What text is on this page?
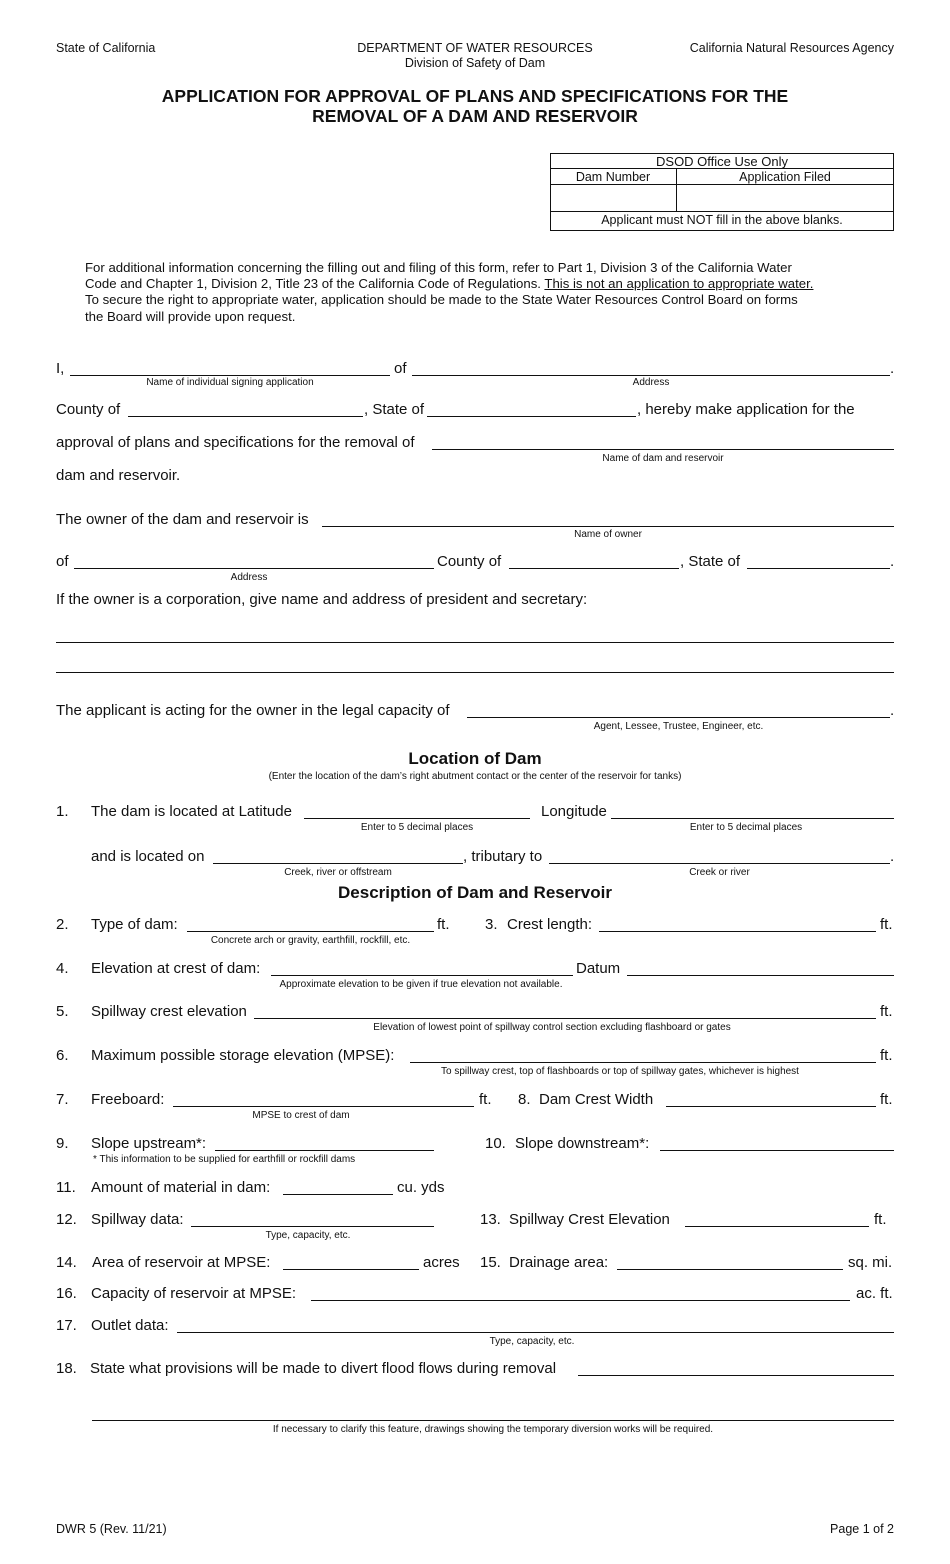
State of California	DEPARTMENT OF WATER RESOURCES
Division of Safety of Dam
California Natural Resources Agency
APPLICATION FOR APPROVAL OF PLANS AND SPECIFICATIONS FOR THE
REMOVAL OF A DAM AND RESERVOIR
DSOD Office Use Only
Dam Number	Application Filed
Applicant must NOT fill in the above blanks.
For additional information concerning the filling out and filing of this form, refer to Part 1, Division 3 of the California Water
Code and Chapter 1, Division 2, Title 23 of the California Code of Regulations. This is not an application to appropriate water.
To secure the right to appropriate water, application should be made to the State Water Resources Control Board on forms
the Board will provide upon request.
I,
Name of individual signing application
of	.
Address
County of	, State of	, hereby make application for the
approval of plans and specifications for the removal of
Name of dam and reservoir
dam and reservoir.
The owner of the dam and reservoir is
Name of owner
of
Address
County of	, State of	.
If the owner is a corporation, give name and address of president and secretary:
The applicant is acting for the owner in the legal capacity of	.
Agent, Lessee, Trustee, Engineer, etc.
Location of Dam
(Enter the location of the dam’s right abutment contact or the center of the reservoir for tanks)
1. The dam is located at Latitude
Enter to 5 decimal places
Longitude
Enter to 5 decimal places
and is located on
Creek, river or offstream
, tributary to	.
Creek or river
Description of Dam and Reservoir
2. Type of dam:
Concrete arch or gravity, earthfill, rockfill, etc.
ft. 3. Crest length:	ft.
4. Elevation at crest of dam:
Approximate elevation to be given if true elevation not available.
Datum
5. Spillway crest elevation
Elevation of lowest point of spillway control section excluding flashboard or gates
ft.
6. Maximum possible storage elevation (MPSE):
To spillway crest, top of flashboards or top of spillway gates, whichever is highest
ft.
7. Freeboard:
MPSE to crest of dam
ft. 8. Dam Crest Width	ft.
9. Slope upstream*:
* This information to be supplied for earthfill or rockfill dams
10. Slope downstream*:
11. Amount of material in dam:	cu. yds
12. Spillway data:
Type, capacity, etc.
13. Spillway Crest Elevation	ft.
14. Area of reservoir at MPSE:	acres 15. Drainage area:	sq. mi.
16. Capacity of reservoir at MPSE:	ac. ft.
17. Outlet data:
Type, capacity, etc.
18. State what provisions will be made to divert flood flows during removal
If necessary to clarify this feature, drawings showing the temporary diversion works will be required.
DWR 5 (Rev. 11/21)	Page 1 of 2
